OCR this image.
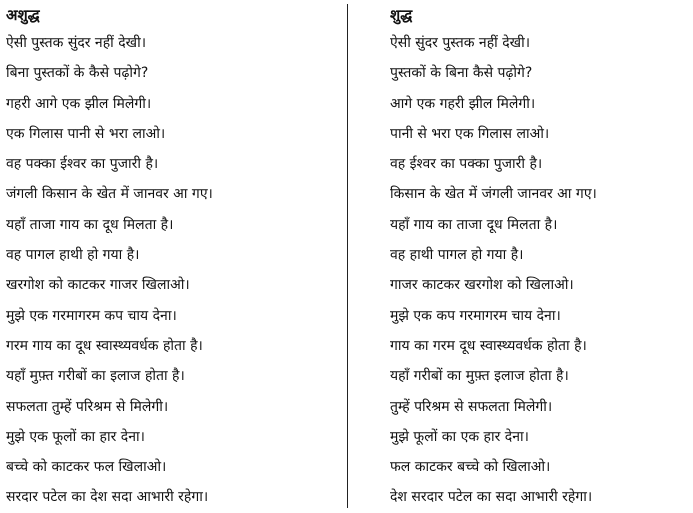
अशुद्ध
ऐसी पुस्तक सुंदर नहीं देखी।
बिना पुस्तकों के कैसे पढ़ोगे?
गहरी आगे एक झील मिलेगी।
एक गिलास पानी से भरा लाओ।
वह पक्का ईश्वर का पुजारी है।
जंगली किसान के खेत में जानवर आ गए।
यहाँ ताजा गाय का दूध मिलता है।
वह पागल हाथी हो गया है।
खरगोश को काटकर गाजर खिलाओ।
मुझे एक गरमागरम कप चाय देना।
गरम गाय का दूध स्वास्थ्यवर्धक होता है।
यहाँ मुफ़्त गरीबों का इलाज होता है।
सफलता तुम्हें परिश्रम से मिलेगी।
मुझे एक फूलों का हार देना।
बच्चे को काटकर फल खिलाओ।
सरदार पटेल का देश सदा आभारी रहेगा।
शुद्ध
ऐसी सुंदर पुस्तक नहीं देखी।
पुस्तकों के बिना कैसे पढ़ोगे?
आगे एक गहरी झील मिलेगी।
पानी से भरा एक गिलास लाओ।
वह ईश्वर का पक्का पुजारी है।
किसान के खेत में जंगली जानवर आ गए।
यहाँ गाय का ताजा दूध मिलता है।
वह हाथी पागल हो गया है।
गाजर काटकर खरगोश को खिलाओ।
मुझे एक कप गरमागरम चाय देना।
गाय का गरम दूध स्वास्थ्यवर्धक होता है।
यहाँ गरीबों का मुफ़्त इलाज होता है।
तुम्हें परिश्रम से सफलता मिलेगी।
मुझे फूलों का एक हार देना।
फल काटकर बच्चे को खिलाओ।
देश सरदार पटेल का सदा आभारी रहेगा।
